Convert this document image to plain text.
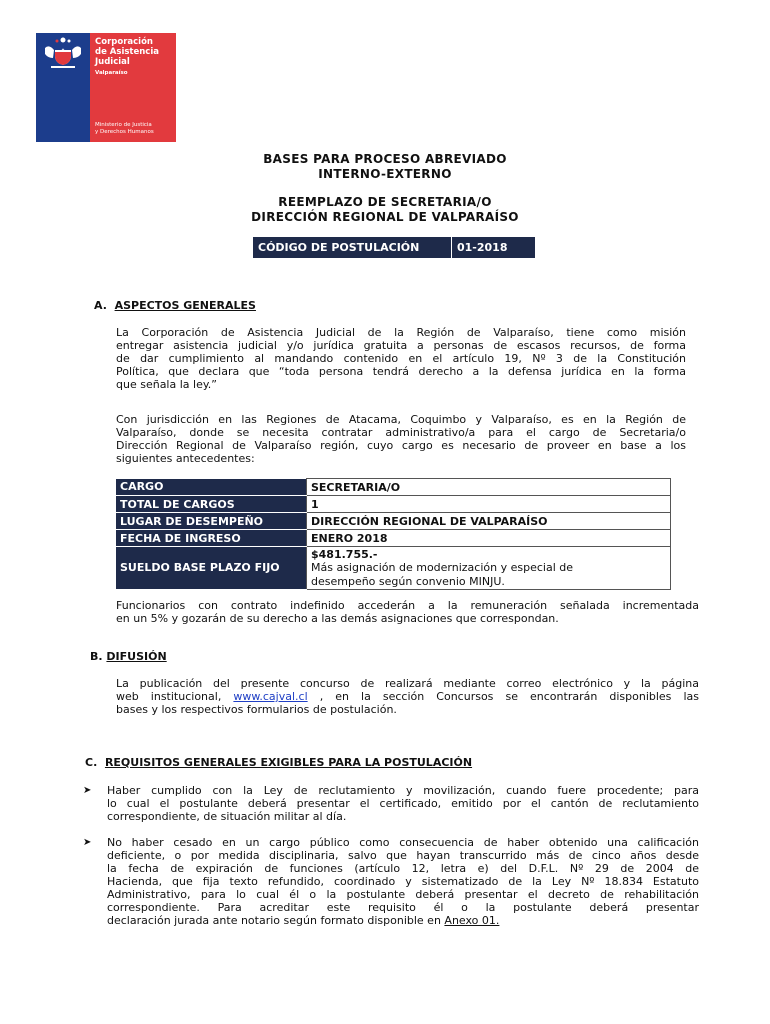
Corporación
de Asistencia
Judicial
Valparaíso
Ministerio de Justicia
y Derechos Humanos
BASES PARA PROCESO ABREVIADO
INTERNO-EXTERNO
REEMPLAZO DE SECRETARIA/O
DIRECCIÓN REGIONAL DE VALPARAÍSO
CÓDIGO DE POSTULACIÓN	01-2018
A. ASPECTOS GENERALES
La Corporación de Asistencia Judicial de la Región de Valparaíso, tiene como misión
entregar asistencia judicial y/o jurídica gratuita a personas de escasos recursos, de forma
de dar cumplimiento al mandando contenido en el artículo 19, Nº 3 de la Constitución
Política, que declara que “toda persona tendrá derecho a la defensa jurídica en la forma
que señala la ley.”
Con jurisdicción en las Regiones de Atacama, Coquimbo y Valparaíso, es en la Región de
Valparaíso, donde se necesita contratar administrativo/a para el cargo de Secretaria/o
Dirección Regional de Valparaíso región, cuyo cargo es necesario de proveer en base a los
siguientes antecedentes:
CARGO	SECRETARIA/O
TOTAL DE CARGOS	1
LUGAR DE DESEMPEÑO	DIRECCIÓN REGIONAL DE VALPARAÍSO
FECHA DE INGRESO	ENERO 2018
SUELDO BASE PLAZO FIJO	$481.755.-
Más asignación de modernización y especial de
desempeño según convenio MINJU.
Funcionarios con contrato indefinido accederán a la remuneración señalada incrementada
en un 5% y gozarán de su derecho a las demás asignaciones que correspondan.
B. DIFUSIÓN
La publicación del presente concurso de realizará mediante correo electrónico y la página
web institucional, www.cajval.cl , en la sección Concursos se encontrarán disponibles las
bases y los respectivos formularios de postulación.
C. REQUISITOS GENERALES EXIGIBLES PARA LA POSTULACIÓN
➤ Haber cumplido con la Ley de reclutamiento y movilización, cuando fuere procedente; para
lo cual el postulante deberá presentar el certificado, emitido por el cantón de reclutamiento
correspondiente, de situación militar al día.
➤ No haber cesado en un cargo público como consecuencia de haber obtenido una calificación
deficiente, o por medida disciplinaria, salvo que hayan transcurrido más de cinco años desde
la fecha de expiración de funciones (artículo 12, letra e) del D.F.L. Nº 29 de 2004 de
Hacienda, que fija texto refundido, coordinado y sistematizado de la Ley Nº 18.834 Estatuto
Administrativo, para lo cual él o la postulante deberá presentar el decreto de rehabilitación
correspondiente. Para acreditar este requisito él o la postulante deberá presentar
declaración jurada ante notario según formato disponible en Anexo 01.
